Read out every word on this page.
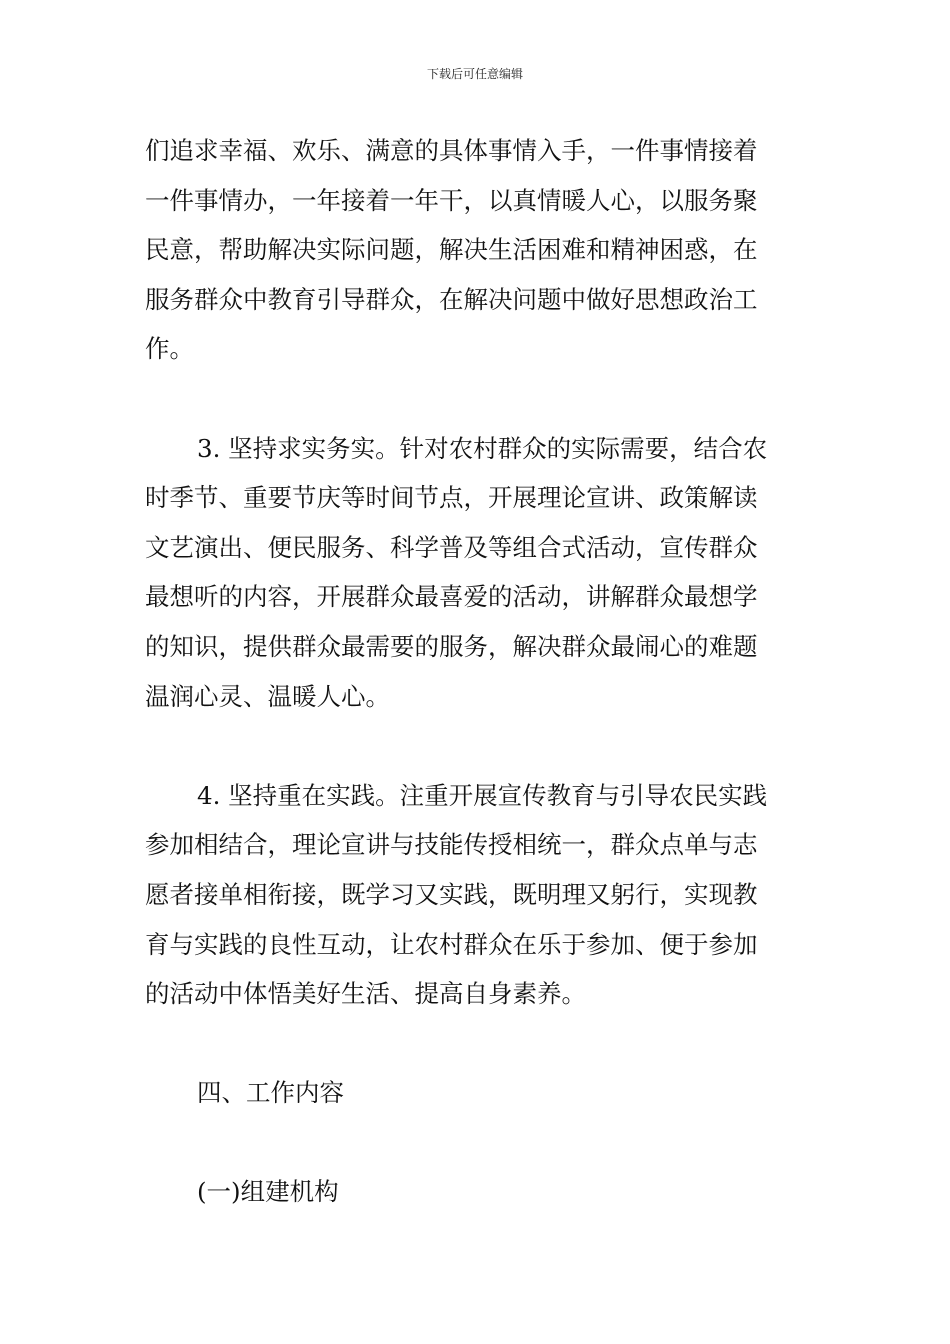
下载后可任意编辑

们追求幸福、欢乐、满意的具体事情入手，一件事情接着
一件事情办，一年接着一年干，以真情暖人心，以服务聚
民意，帮助解决实际问题，解决生活困难和精神困惑，在
服务群众中教育引导群众，在解决问题中做好思想政治工
作。

3. 坚持求实务实。针对农村群众的实际需要，结合农
时季节、重要节庆等时间节点，开展理论宣讲、政策解读
文艺演出、便民服务、科学普及等组合式活动，宣传群众
最想听的内容，开展群众最喜爱的活动，讲解群众最想学
的知识，提供群众最需要的服务，解决群众最闹心的难题
温润心灵、温暖人心。

4. 坚持重在实践。注重开展宣传教育与引导农民实践
参加相结合，理论宣讲与技能传授相统一，群众点单与志
愿者接单相衔接，既学习又实践，既明理又躬行，实现教
育与实践的良性互动，让农村群众在乐于参加、便于参加
的活动中体悟美好生活、提高自身素养。

四、工作内容

(一)组建机构
